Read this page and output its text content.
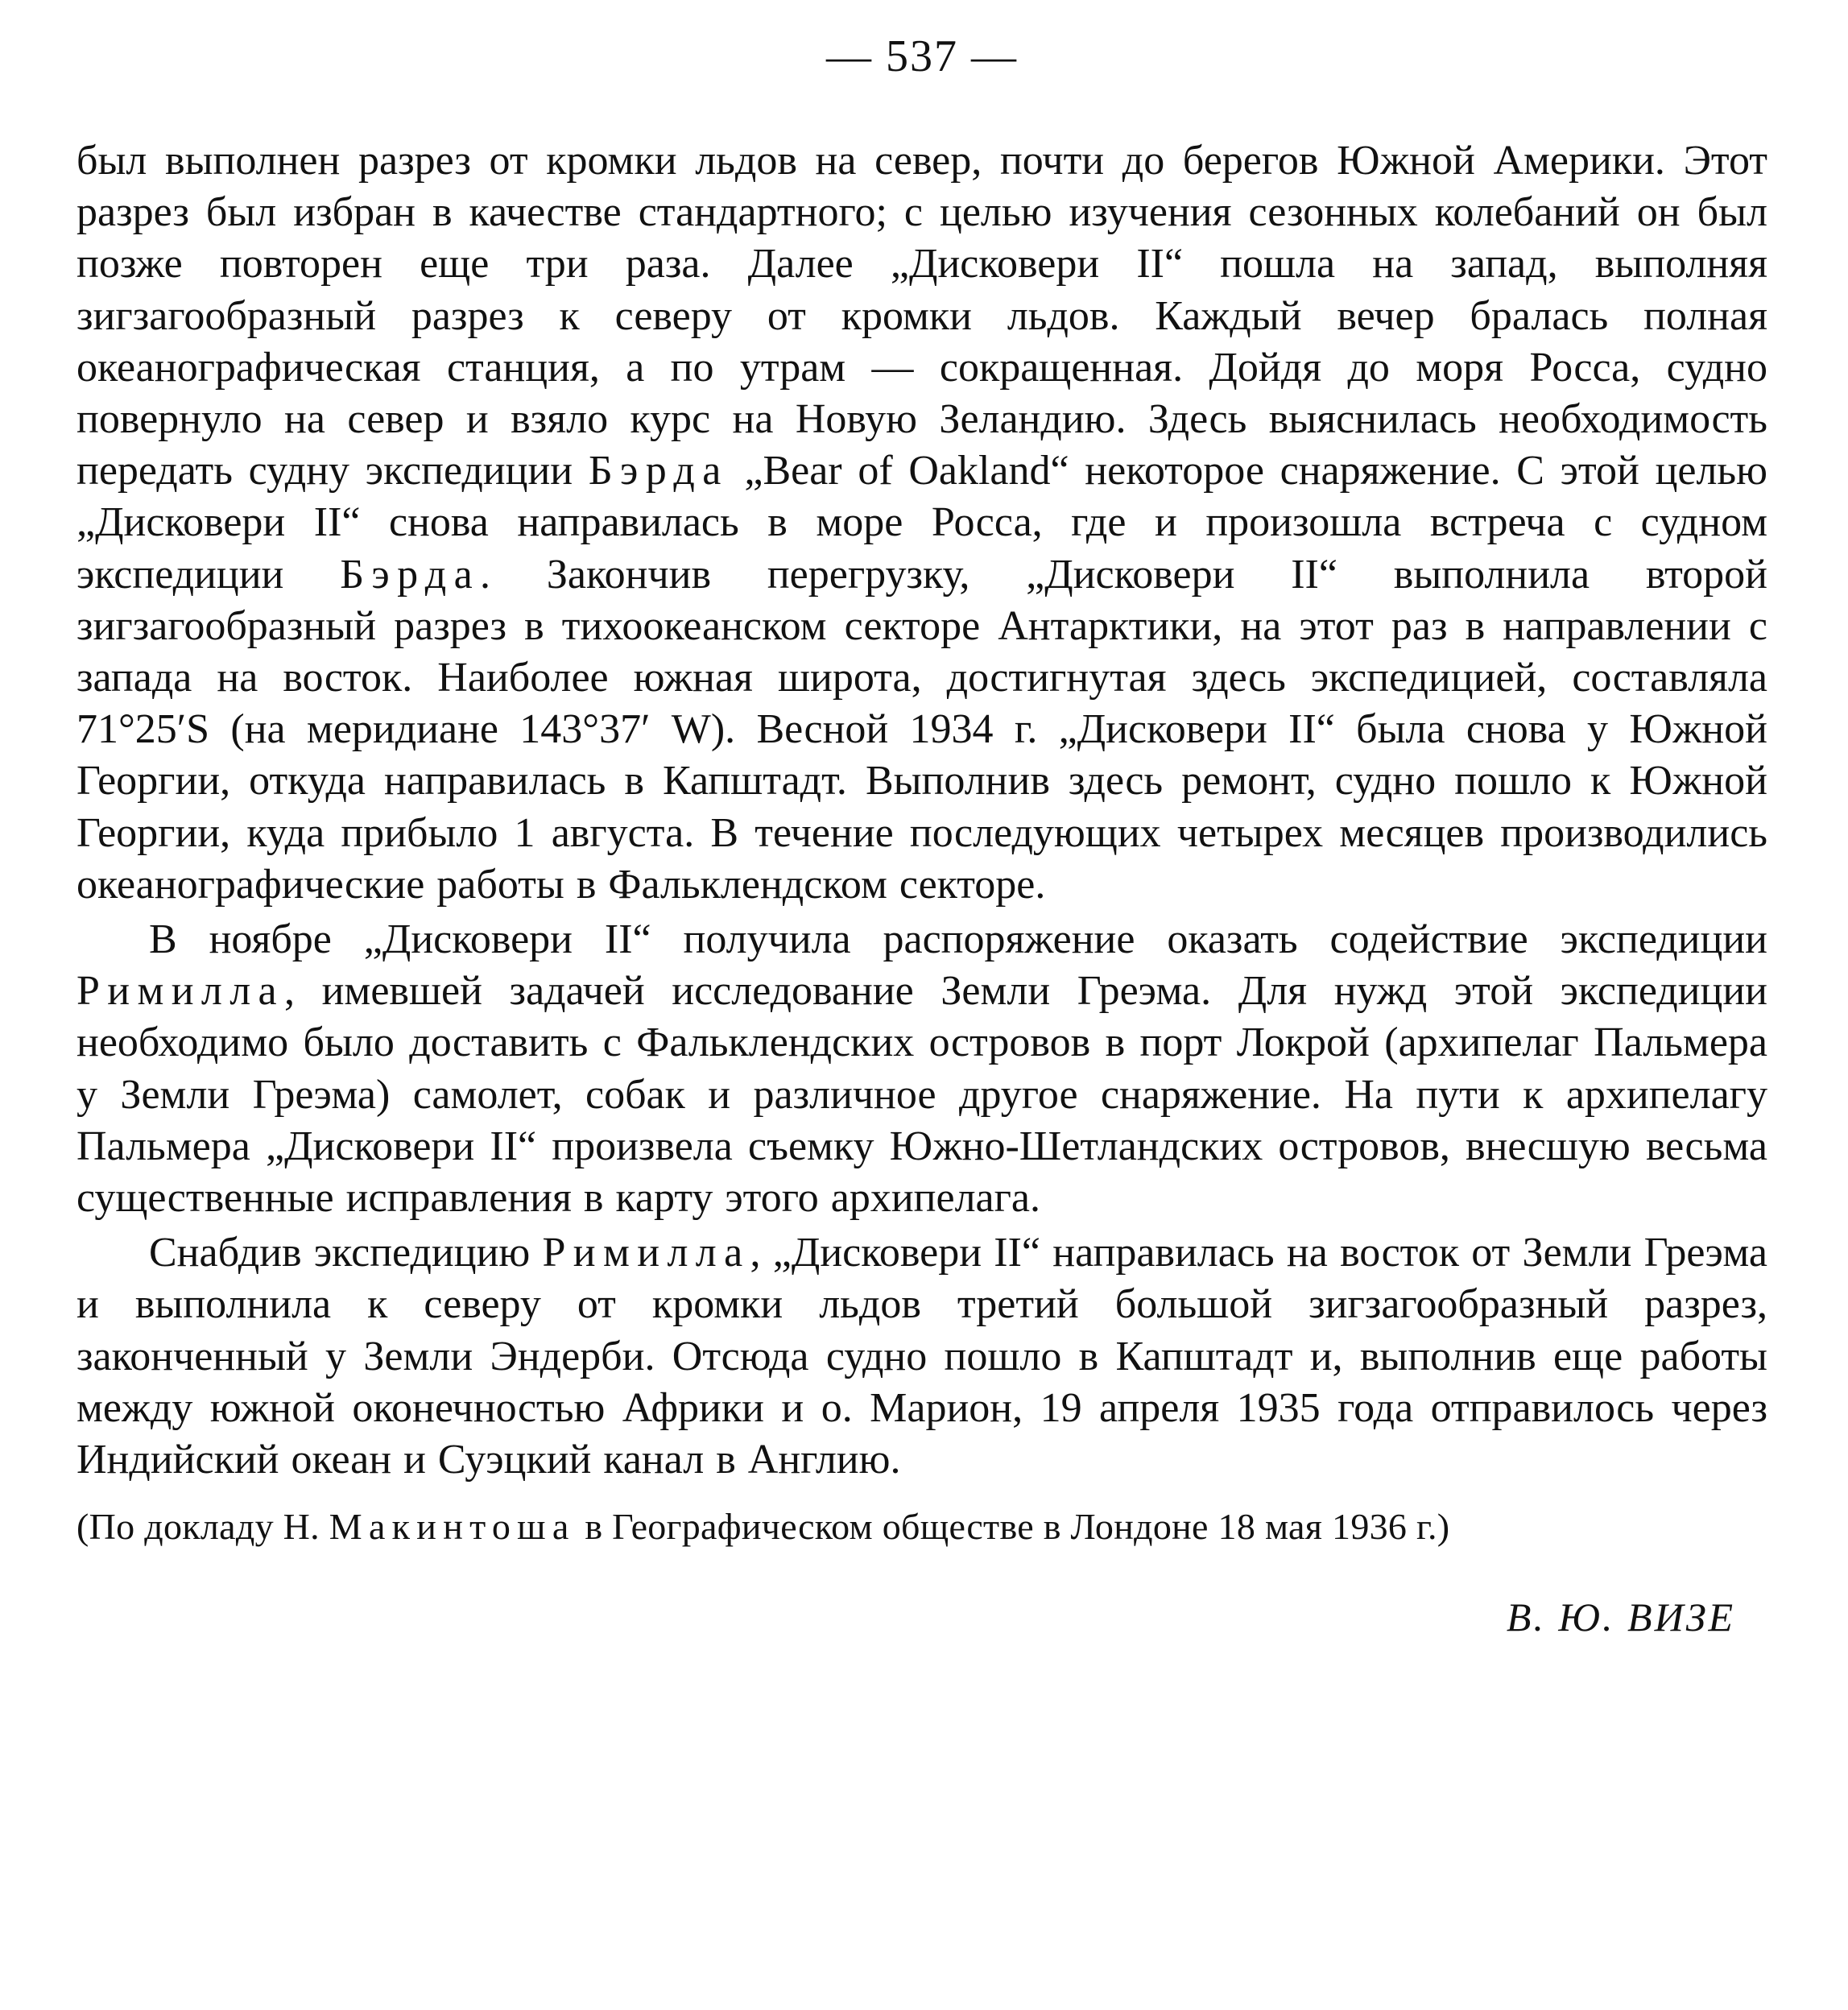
— 537 —

был выполнен разрез от кромки льдов на север, почти до берегов Южной Америки. Этот разрез был избран в качестве стандартного; с целью изучения сезонных колебаний он был позже повторен еще три раза. Далее „Дисковери II“ пошла на запад, выполняя зигзагообразный разрез к северу от кромки льдов. Каждый вечер бралась полная океанографическая станция, а по утрам — сокращенная. Дойдя до моря Росса, судно повернуло на север и взяло курс на Новую Зеландию. Здесь выяснилась необходимость передать судну экспедиции Бэрда „Bear of Oakland“ некоторое снаряжение. С этой целью „Дисковери II“ снова направилась в море Росса, где и произошла встреча с судном экспедиции Бэрда. Закончив перегрузку, „Дисковери II“ выполнила второй зигзагообразный разрез в тихоокеанском секторе Антарктики, на этот раз в направлении с запада на восток. Наиболее южная широта, достигнутая здесь экспедицией, составляла 71°25′S (на меридиане 143°37′ W). Весной 1934 г. „Дисковери II“ была снова у Южной Георгии, откуда направилась в Капштадт. Выполнив здесь ремонт, судно пошло к Южной Георгии, куда прибыло 1 августа. В течение последующих четырех месяцев производились океанографические работы в Фальклендском секторе.

В ноябре „Дисковери II“ получила распоряжение оказать содействие экспедиции Римилла, имевшей задачей исследование Земли Греэма. Для нужд этой экспедиции необходимо было доставить с Фальклендских островов в порт Локрой (архипелаг Пальмера у Земли Греэма) самолет, собак и различное другое снаряжение. На пути к архипелагу Пальмера „Дисковери II“ произвела съемку Южно-Шетландских островов, внесшую весьма существенные исправления в карту этого архипелага.

Снабдив экспедицию Римилла, „Дисковери II“ направилась на восток от Земли Греэма и выполнила к северу от кромки льдов третий большой зигзагообразный разрез, законченный у Земли Эндерби. Отсюда судно пошло в Капштадт и, выполнив еще работы между южной оконечностью Африки и о. Марион, 19 апреля 1935 года отправилось через Индийский океан и Суэцкий канал в Англию.

(По докладу Н. Макинтоша в Географическом обществе в Лондоне 18 мая 1936 г.)

В. Ю. ВИЗЕ
